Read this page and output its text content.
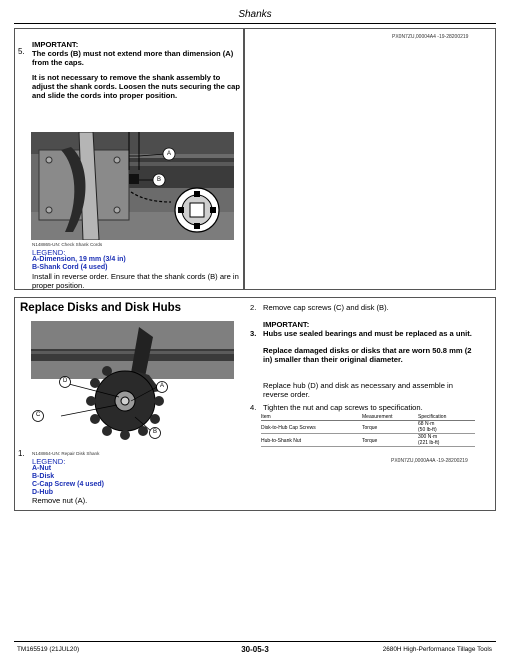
Shanks
PX0N7ZU,00004A4 -19-28200219
5.
IMPORTANT:
The cords (B) must not extend more than dimension (A) from the caps.
It is not necessary to remove the shank assembly to adjust the shank cords. Loosen the nuts securing the cap and slide the cords into proper position.
A
B
N148865-UN: Check Shank Cords
LEGEND:
A-Dimension, 19 mm (3/4 in)
B-Shank Cord (4 used)
Install in reverse order. Ensure that the shank cords (B) are in proper position.
Replace Disks and Disk Hubs
D
A
C
B
1. N148864-UN: Repair Disk Shank
LEGEND:
A-Nut
B-Disk
C-Cap Screw (4 used)
D-Hub
Remove nut (A).
2. Remove cap screws (C) and disk (B).
IMPORTANT:
3. Hubs use sealed bearings and must be replaced as a unit.
Replace damaged disks or disks that are worn 50.8 mm (2 in) smaller than their original diameter.
Replace hub (D) and disk as necessary and assemble in reverse order.
4. Tighten the nut and cap screws to specification.
Item	Measurement	Specification
Disk-to-Hub Cap Screws	Torque	68 N·m
(50 lb-ft)

Hub-to-Shank Nut	Torque	300 N·m
(221 lb-ft)
PX0N7ZU,0000A4A -19-28200219
TM165519 (21JUL20)	30-05-3	2680H High-Performance Tillage Tools
